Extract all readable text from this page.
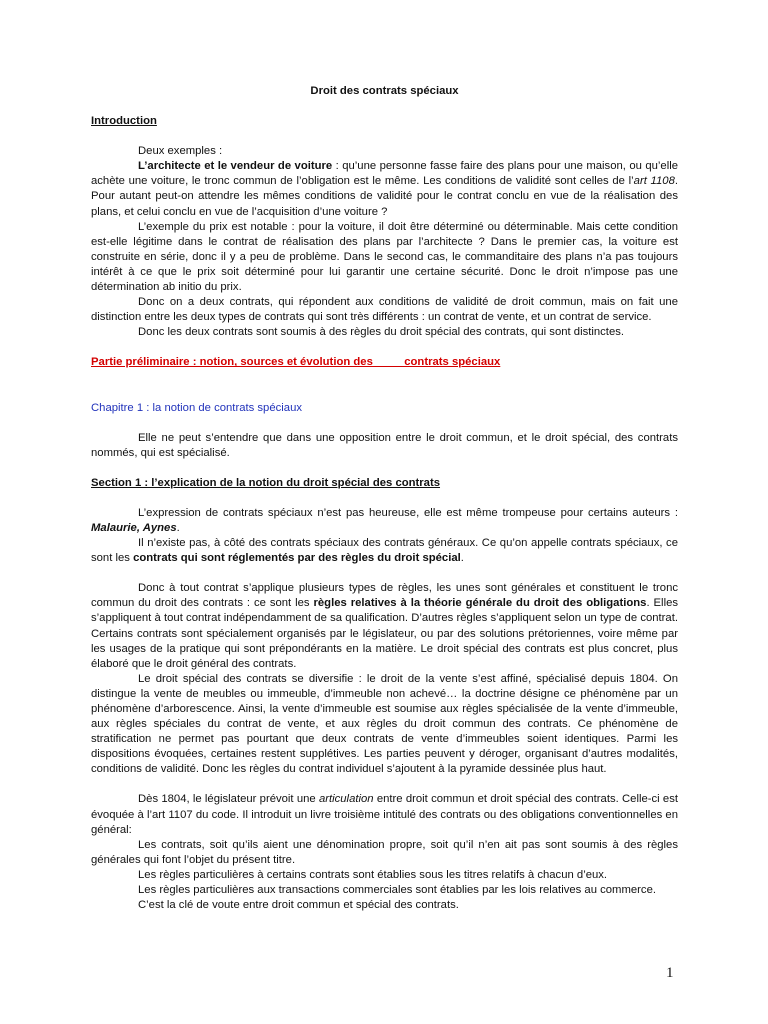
Droit des contrats spéciaux

Introduction

Deux exemples :

L’architecte et le vendeur de voiture : qu’une personne fasse faire des plans pour une maison, ou qu’elle achète une voiture, le tronc commun de l’obligation est le même. Les conditions de validité sont celles de l’art 1108. Pour autant peut-on attendre les mêmes conditions de validité pour le contrat conclu en vue de la réalisation des plans, et celui conclu en vue de l’acquisition d’une voiture ?

L’exemple du prix est notable : pour la voiture, il doit être déterminé ou déterminable. Mais cette condition est-elle légitime dans le contrat de réalisation des plans par l’architecte ? Dans le premier cas, la voiture est construite en série, donc il y a peu de problème. Dans le second cas, le commanditaire des plans n’a pas toujours intérêt à ce que le prix soit déterminé pour lui garantir une certaine sécurité. Donc le droit n’impose pas une détermination ab initio du prix.

Donc on a deux contrats, qui répondent aux conditions de validité de droit commun, mais on fait une distinction entre les deux types de contrats qui sont très différents : un contrat de vente, et un contrat de service.

Donc les deux contrats sont soumis à des règles du droit spécial des contrats, qui sont distinctes.

Partie préliminaire : notion, sources et évolution des          contrats spéciaux

Chapitre 1 : la notion de contrats spéciaux

Elle ne peut s’entendre que dans une opposition entre le droit commun, et le droit spécial, des contrats nommés, qui est spécialisé.

Section 1 : l’explication de la notion du droit spécial des contrats

L’expression de contrats spéciaux n’est pas heureuse, elle est même trompeuse pour certains auteurs : Malaurie, Aynes.

Il n’existe pas, à côté des contrats spéciaux des contrats généraux. Ce qu’on appelle contrats spéciaux, ce sont les contrats qui sont réglementés par des règles du droit spécial.

Donc à tout contrat s’applique plusieurs types de règles, les unes sont générales et constituent le tronc commun du droit des contrats : ce sont les règles relatives à la théorie générale du droit des obligations. Elles s’appliquent à tout contrat indépendamment de sa qualification. D’autres règles s’appliquent selon un type de contrat. Certains contrats sont spécialement organisés par le législateur, ou par des solutions prétoriennes, voire même par les usages de la pratique qui sont prépondérants en la matière. Le droit spécial des contrats est plus concret, plus élaboré que le droit général des contrats.

Le droit spécial des contrats se diversifie : le droit de la vente s’est affiné, spécialisé depuis 1804. On distingue la vente de meubles ou immeuble, d’immeuble non achevé… la doctrine désigne ce phénomène par un phénomène d’arborescence. Ainsi, la vente d’immeuble est soumise aux règles spécialisée de la vente d’immeuble, aux règles spéciales du contrat de vente, et aux règles du droit commun des contrats. Ce phénomène de stratification ne permet pas pourtant que deux contrats de vente d’immeubles soient identiques. Parmi les dispositions évoquées, certaines restent supplétives. Les parties peuvent y déroger, organisant d’autres modalités, conditions de validité. Donc les règles du contrat individuel s’ajoutent à la pyramide dessinée plus haut.

Dès 1804, le législateur prévoit une articulation entre droit commun et droit spécial des contrats. Celle-ci est évoquée à l’art 1107 du code. Il introduit un livre troisième intitulé des contrats ou des obligations conventionnelles en général:

Les contrats, soit qu’ils aient une dénomination propre, soit qu’il n’en ait pas sont soumis à des règles générales qui font l’objet du présent titre.

Les règles particulières à certains contrats sont établies sous les titres relatifs à chacun d’eux.

Les règles particulières aux transactions commerciales sont établies par les lois relatives au commerce.

C’est la clé de voute entre droit commun et spécial des contrats.

1
